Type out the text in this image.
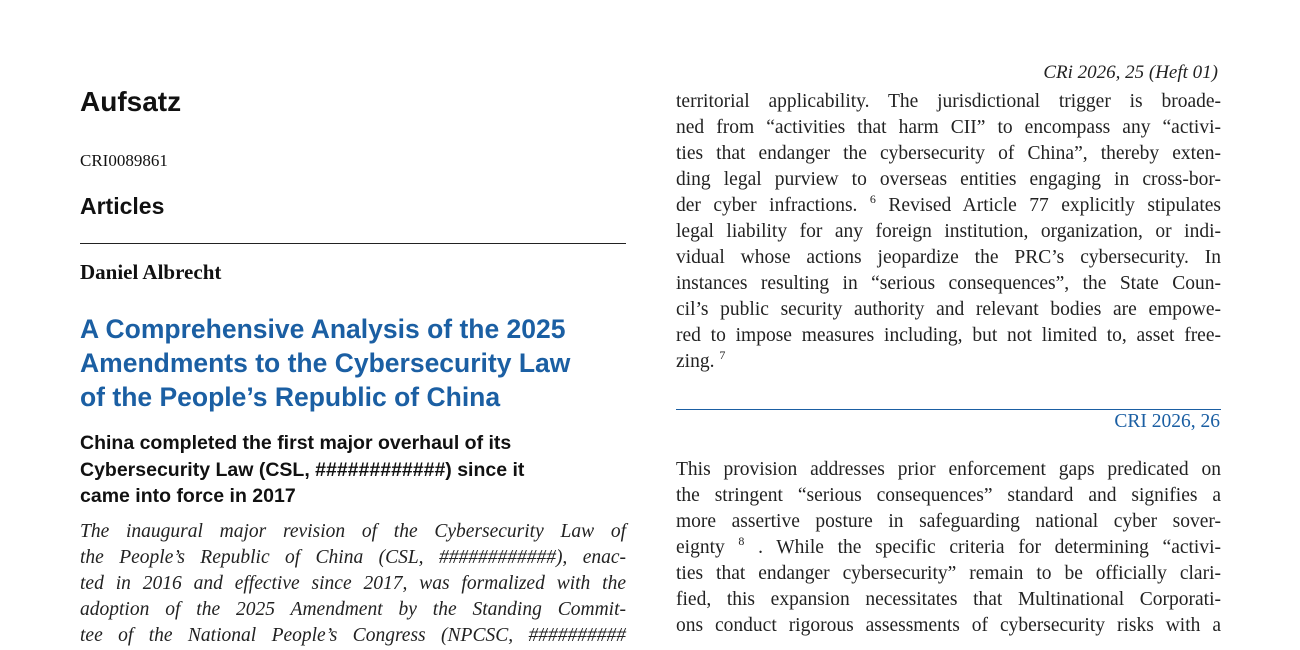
Aufsatz
CRI0089861
Articles
Daniel Albrecht
A Comprehensive Analysis of the 2025
Amendments to the Cybersecurity Law
of the People’s Republic of China
China completed the first major overhaul of its
Cybersecurity Law (CSL, ############) since it
came into force in 2017
The inaugural major revision of the Cybersecurity Law of
the People’s Republic of China (CSL, ############), enac-
ted in 2016 and effective since 2017, was formalized with the
adoption of the 2025 Amendment by the Standing Commit-
tee of the National People’s Congress (NPCSC, ##########
CRi 2026, 25 (Heft 01)
territorial applicability. The jurisdictional trigger is broade-
ned from “activities that harm CII” to encompass any “activi-
ties that endanger the cybersecurity of China”, thereby exten-
ding legal purview to overseas entities engaging in cross-bor-
der cyber infractions. $^6$ Revised Article 77 explicitly stipulates
legal liability for any foreign institution, organization, or indi-
vidual whose actions jeopardize the PRC’s cybersecurity. In
instances resulting in “serious consequences”, the State Coun-
cil’s public security authority and relevant bodies are empowe-
red to impose measures including, but not limited to, asset free-
zing. $^7$
CRI 2026, 26
This provision addresses prior enforcement gaps predicated on
the stringent “serious consequences” standard and signifies a
more assertive posture in safeguarding national cyber sover-
eignty $^8$ . While the specific criteria for determining “activi-
ties that endanger cybersecurity” remain to be officially clari-
fied, this expansion necessitates that Multinational Corporati-
ons conduct rigorous assessments of cybersecurity risks with a
